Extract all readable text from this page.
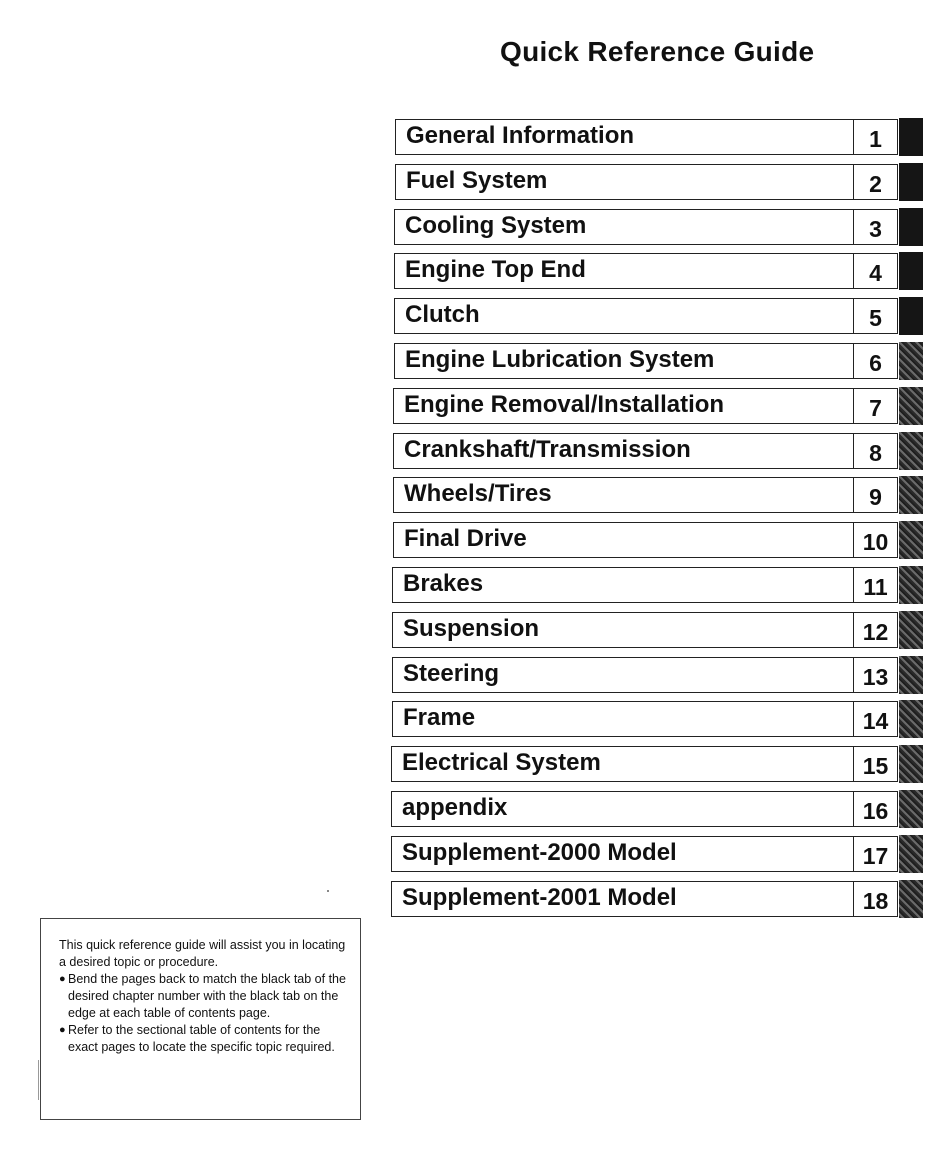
Quick Reference Guide
General Information	1
Fuel System	2
Cooling System	3
Engine Top End	4
Clutch	5
Engine Lubrication System	6
Engine Removal/Installation	7
Crankshaft/Transmission	8
Wheels/Tires	9
Final Drive	10
Brakes	11
Suspension	12
Steering	13
Frame	14
Electrical System	15
appendix	16
Supplement-2000 Model	17
Supplement-2001 Model	18

This quick reference guide will assist you in locating a desired topic or procedure.

● Bend the pages back to match the black tab of the desired chapter number with the black tab on the edge at each table of contents page.
● Refer to the sectional table of contents for the exact pages to locate the specific topic required.
